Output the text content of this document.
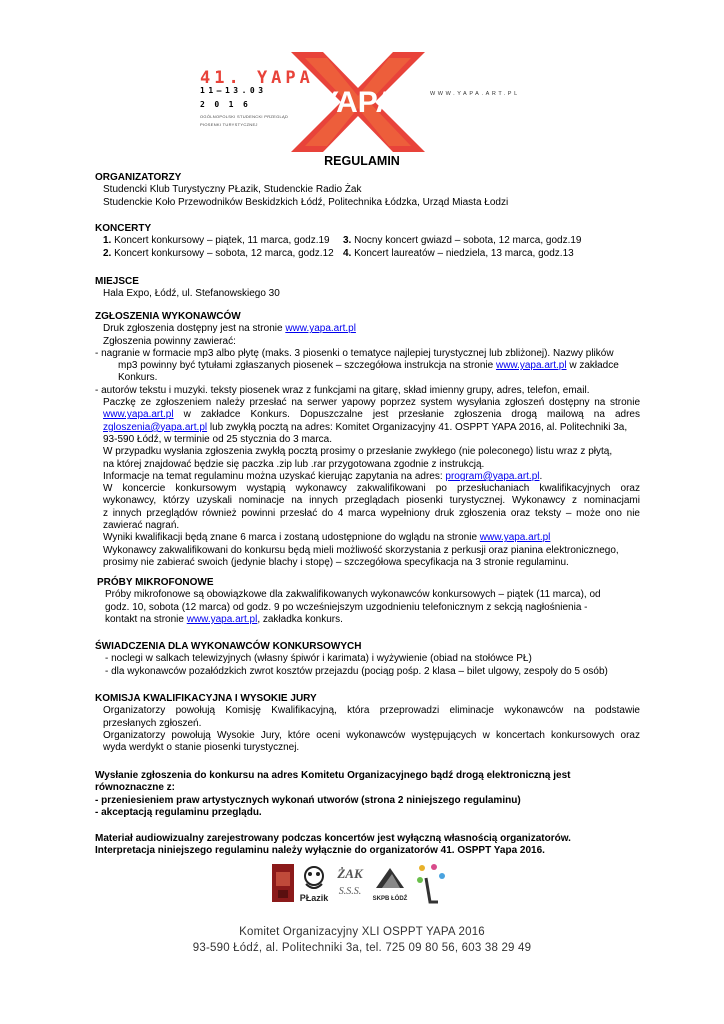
YAPA
41. YAPA
11—13.03
2016
OGÓLNOPOLSKI STUDENCKI PRZEGLĄD
PIOSENKI TURYSTYCZNEJ
WWW.YAPA.ART.PL
REGULAMIN
ORGANIZATORZY
Studencki Klub Turystyczny PŁazik, Studenckie Radio Żak
Studenckie Koło Przewodników Beskidzkich Łódź, Politechnika Łódzka, Urząd Miasta Łodzi
KONCERTY
1. Koncert konkursowy – piątek, 11 marca, godz.19	3. Nocny koncert gwiazd – sobota, 12 marca, godz.19
2. Koncert konkursowy – sobota, 12 marca, godz.12 4. Koncert laureatów – niedziela, 13 marca, godz.13
MIEJSCE
Hala Expo, Łódź, ul. Stefanowskiego 30
ZGŁOSZENIA WYKONAWCÓW
Druk zgłoszenia dostępny jest na stronie www.yapa.art.pl
Zgłoszenia powinny zawierać:
- nagranie w formacie mp3 albo płytę (maks. 3 piosenki o tematyce najlepiej turystycznej lub zbliżonej). Nazwy plików
mp3 powinny być tytułami zgłaszanych piosenek – szczegółowa instrukcja na stronie www.yapa.art.pl w zakładce
Konkurs.
- autorów tekstu i muzyki. teksty piosenek wraz z funkcjami na gitarę, skład imienny grupy, adres, telefon, email.
Paczkę ze zgłoszeniem należy przesłać na serwer yapowy poprzez system wysyłania zgłoszeń dostępny na stronie
www.yapa.art.pl w zakładce Konkurs. Dopuszczalne jest przesłanie zgłoszenia drogą mailową na adres
zgloszenia@yapa.art.pl lub zwykłą pocztą na adres: Komitet Organizacyjny 41. OSPPT YAPA 2016, al. Politechniki 3a,
93-590 Łódź, w terminie od 25 stycznia do 3 marca.
W przypadku wysłania zgłoszenia zwykłą pocztą prosimy o przesłanie zwykłego (nie poleconego) listu wraz z płytą,
na której znajdować będzie się paczka .zip lub .rar przygotowana zgodnie z instrukcją.
Informacje na temat regulaminu można uzyskać kierując zapytania na adres: program@yapa.art.pl.
W koncercie konkursowym wystąpią wykonawcy zakwalifikowani po przesłuchaniach kwalifikacyjnych oraz
wykonawcy, którzy uzyskali nominacje na innych przeglądach piosenki turystycznej. Wykonawcy z nominacjami
z innych przeglądów również powinni przesłać do 4 marca wypełniony druk zgłoszenia oraz teksty – może ono nie
zawierać nagrań.
Wyniki kwalifikacji będą znane 6 marca i zostaną udostępnione do wglądu na stronie www.yapa.art.pl
Wykonawcy zakwalifikowani do konkursu będą mieli możliwość skorzystania z perkusji oraz pianina elektronicznego,
prosimy nie zabierać swoich (jedynie blachy i stopę) – szczegółowa specyfikacja na 3 stronie regulaminu.
PRÓBY MIKROFONOWE
Próby mikrofonowe są obowiązkowe dla zakwalifikowanych wykonawców konkursowych – piątek (11 marca), od
godz. 10, sobota (12 marca) od godz. 9 po wcześniejszym uzgodnieniu telefonicznym z sekcją nagłośnienia -
kontakt na stronie www.yapa.art.pl, zakładka konkurs.
ŚWIADCZENIA DLA WYKONAWCÓW KONKURSOWYCH
- noclegi w salkach telewizyjnych (własny śpiwór i karimata) i wyżywienie (obiad na stołówce PŁ)
- dla wykonawców pozałódzkich zwrot kosztów przejazdu (pociąg pośp. 2 klasa – bilet ulgowy, zespoły do 5 osób)
KOMISJA KWALIFIKACYJNA I WYSOKIE JURY
Organizatorzy powołują Komisję Kwalifikacyjną, która przeprowadzi eliminacje wykonawców na podstawie
przesłanych zgłoszeń.
Organizatorzy powołują Wysokie Jury, które oceni wykonawców występujących w koncertach konkursowych oraz
wyda werdykt o stanie piosenki turystycznej.
Wysłanie zgłoszenia do konkursu na adres Komitetu Organizacyjnego bądź drogą elektroniczną jest
równoznaczne z:
- przeniesieniem praw artystycznych wykonań utworów (strona 2 niniejszego regulaminu)
- akceptacją regulaminu przeglądu.
Materiał audiowizualny zarejestrowany podczas koncertów jest wyłączną własnością organizatorów.
Interpretacja niniejszego regulaminu należy wyłącznie do organizatorów 41. OSPPT Yapa 2016.
PŁazik
ŻAK
S.S.S.
SKPB ŁÓDŹ
Komitet Organizacyjny XLI OSPPT YAPA 2016
93-590 Łódź, al. Politechniki 3a, tel. 725 09 80 56, 603 38 29 49
